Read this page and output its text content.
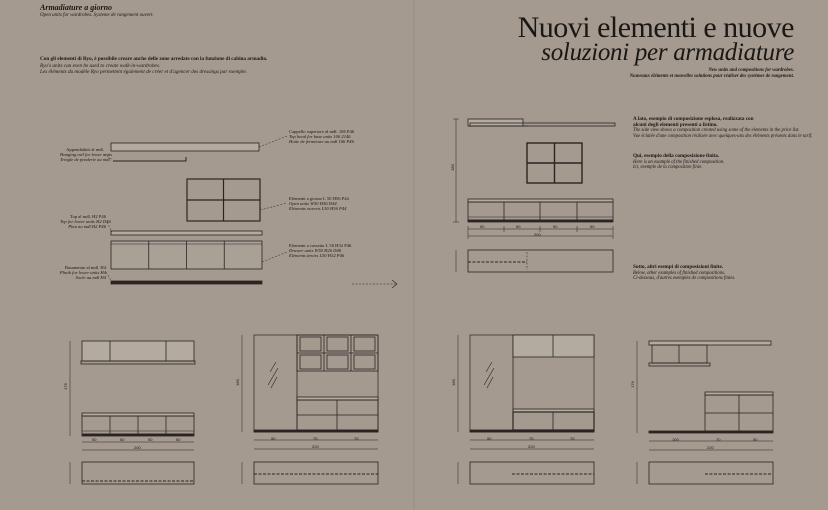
Armadiature a giorno
Open units for wardrobes. Systeme de rangement ouvert.
Con gli elementi di Ryo, è possibile creare anche delle zone arredate con la funzione di cabina armadio.
Ryo's units can even be used to create walk-in-wardrobes.
Les éléments du modèle Ryo permettent également de créer et d'agencer des dressings par exemple.
Cappello superiore al mdl. 106 P46
Top hood for base units 106 2146
Hotte de fermeture au mdl 106 P46
Appendiabiti al mdl.
Hanging rail for lower units
Tringle de penderie au mdl.
Elementi a giorno L 50 H56 P44
Open units W50 H56 D44
Eléments ouverts L50 H56 P44
Top al mdl. H2 P46
Top for lower units H2 D46
Plan au mdl H2 P46
Elementi a cassetto L 50 H32 P46
Drawer units W50 H26 D46
Eléments tiroirs L50 H32 P46
Basamento al mdl. H4
Plinth for lower units H4
Socle au mdl H4
Nuovi elementi e nuove
soluzioni per armadiature
New units and compositions for wardrobes.
Nouveaux éléments et nouvelles solutions pour réaliser des systèmes de rangement.
A lato, esempio di composizione esplosa, realizzata con
alcuni degli elementi presenti a listino.
The side view shows a composition created using some of the elements in the price list.
Vue éclatée d'une composition réalisée avec quelques-uns des éléments présents dans le tarif.
Qui, esempio della composizione finita.
Here is an example of the finished composition.
Ici, exemple de la composition finie.
Sotto, altri esempi di composizioni finite.
Below, other examples of finished compositions.
Ci-dessous, d'autres exemples de compositions finies.
180
50	50	50	50
200
176
50	50	50	50
200
180
50	70	70
220
180
50	70	70
220
176
100	70	50
220
